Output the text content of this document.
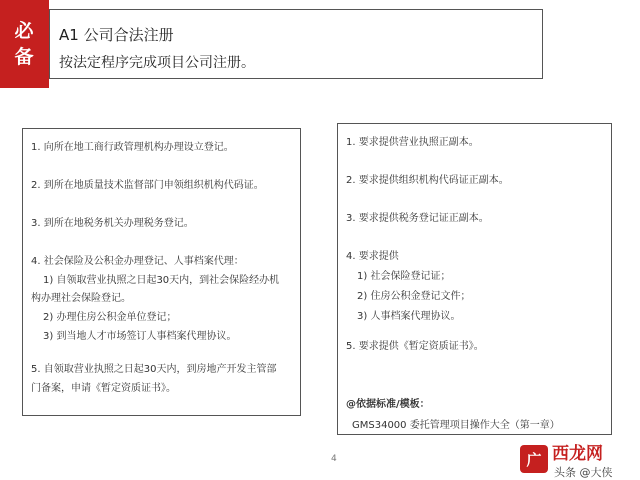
必
备
A1 公司合法注册
按法定程序完成项目公司注册。
1. 向所在地工商行政管理机构办理设立登记。
2. 到所在地质量技术监督部门申领组织机构代码证。
3. 到所在地税务机关办理税务登记。
4. 社会保险及公积金办理登记、人事档案代理：
1) 自领取营业执照之日起30天内，到社会保险经办机
构办理社会保险登记。
2) 办理住房公积金单位登记；
3) 到当地人才市场签订人事档案代理协议。
5. 自领取营业执照之日起30天内，到房地产开发主管部
门备案，申请《暂定资质证书》。
1. 要求提供营业执照正副本。
2. 要求提供组织机构代码证正副本。
3. 要求提供税务登记证正副本。
4. 要求提供
1) 社会保险登记证；
2) 住房公积金登记文件；
3) 人事档案代理协议。
5. 要求提供《暂定资质证书》。
@依据标准/模板：
GMS34000 委托管理项目操作大全（第一章）
4	广 西龙网
头条 @大侠
